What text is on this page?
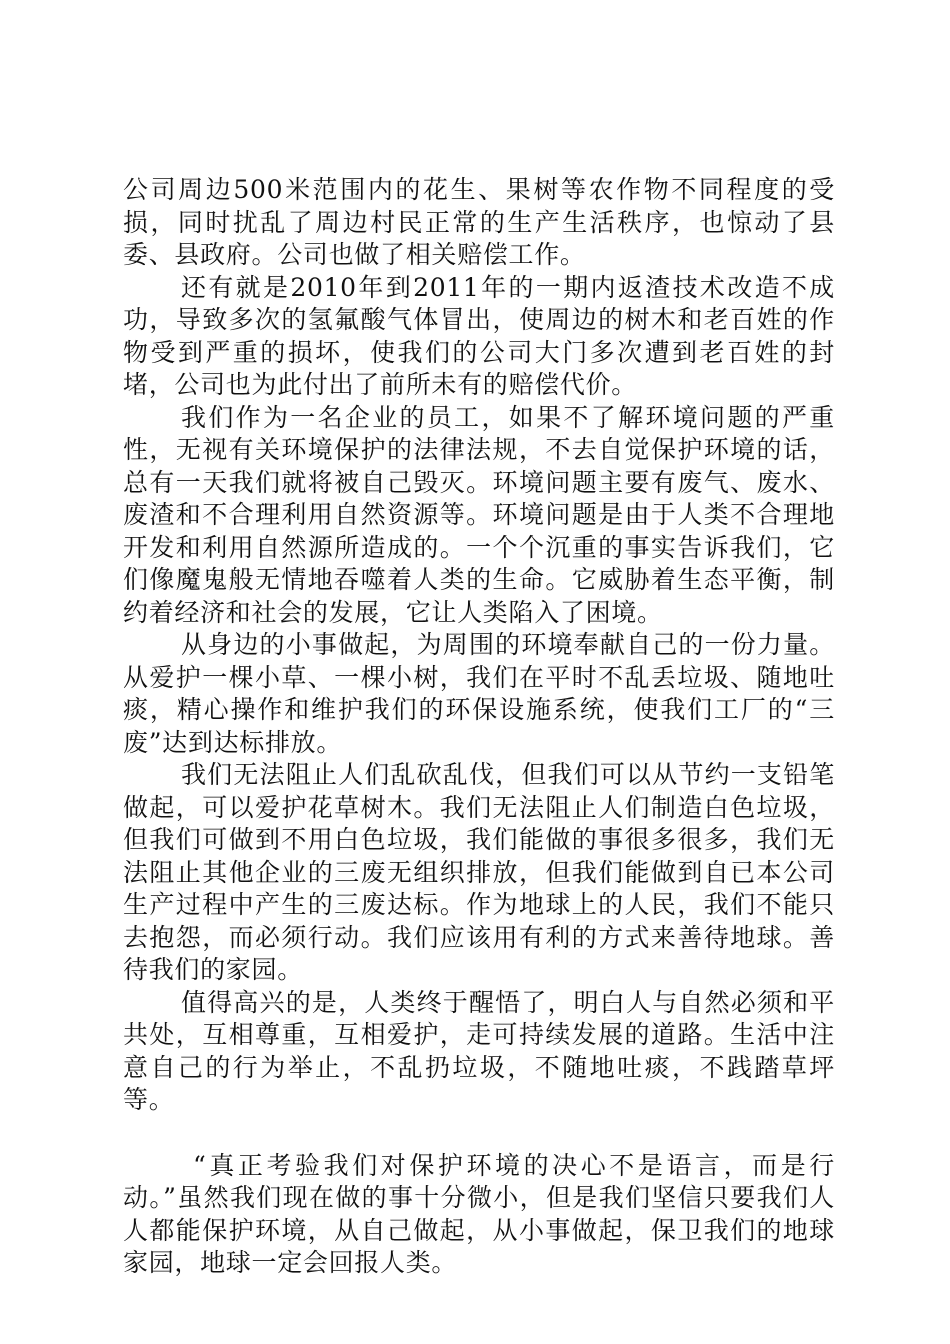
公司周边500米范围内的花生、果树等农作物不同程度的受损，同时扰乱了周边村民正常的生产生活秩序，也惊动了县委、县政府。公司也做了相关赔偿工作。

还有就是2010年到2011年的一期内返渣技术改造不成功，导致多次的氢氟酸气体冒出，使周边的树木和老百姓的作物受到严重的损坏，使我们的公司大门多次遭到老百姓的封堵，公司也为此付出了前所未有的赔偿代价。

我们作为一名企业的员工，如果不了解环境问题的严重性，无视有关环境保护的法律法规，不去自觉保护环境的话，总有一天我们就将被自己毁灭。环境问题主要有废气、废水、废渣和不合理利用自然资源等。环境问题是由于人类不合理地开发和利用自然源所造成的。一个个沉重的事实告诉我们，它们像魔鬼般无情地吞噬着人类的生命。它威胁着生态平衡，制约着经济和社会的发展，它让人类陷入了困境。

从身边的小事做起，为周围的环境奉献自己的一份力量。从爱护一棵小草、一棵小树，我们在平时不乱丢垃圾、随地吐痰，精心操作和维护我们的环保设施系统，使我们工厂的“三废”达到达标排放。

我们无法阻止人们乱砍乱伐，但我们可以从节约一支铅笔做起，可以爱护花草树木。我们无法阻止人们制造白色垃圾，但我们可做到不用白色垃圾，我们能做的事很多很多，我们无法阻止其他企业的三废无组织排放，但我们能做到自已本公司生产过程中产生的三废达标。作为地球上的人民，我们不能只去抱怨，而必须行动。我们应该用有利的方式来善待地球。善待我们的家园。

值得高兴的是，人类终于醒悟了，明白人与自然必须和平共处，互相尊重，互相爱护，走可持续发展的道路。生活中注意自己的行为举止，不乱扔垃圾，不随地吐痰，不践踏草坪等。

“真正考验我们对保护环境的决心不是语言，而是行动。”虽然我们现在做的事十分微小，但是我们坚信只要我们人人都能保护环境，从自己做起，从小事做起，保卫我们的地球家园，地球一定会回报人类。
